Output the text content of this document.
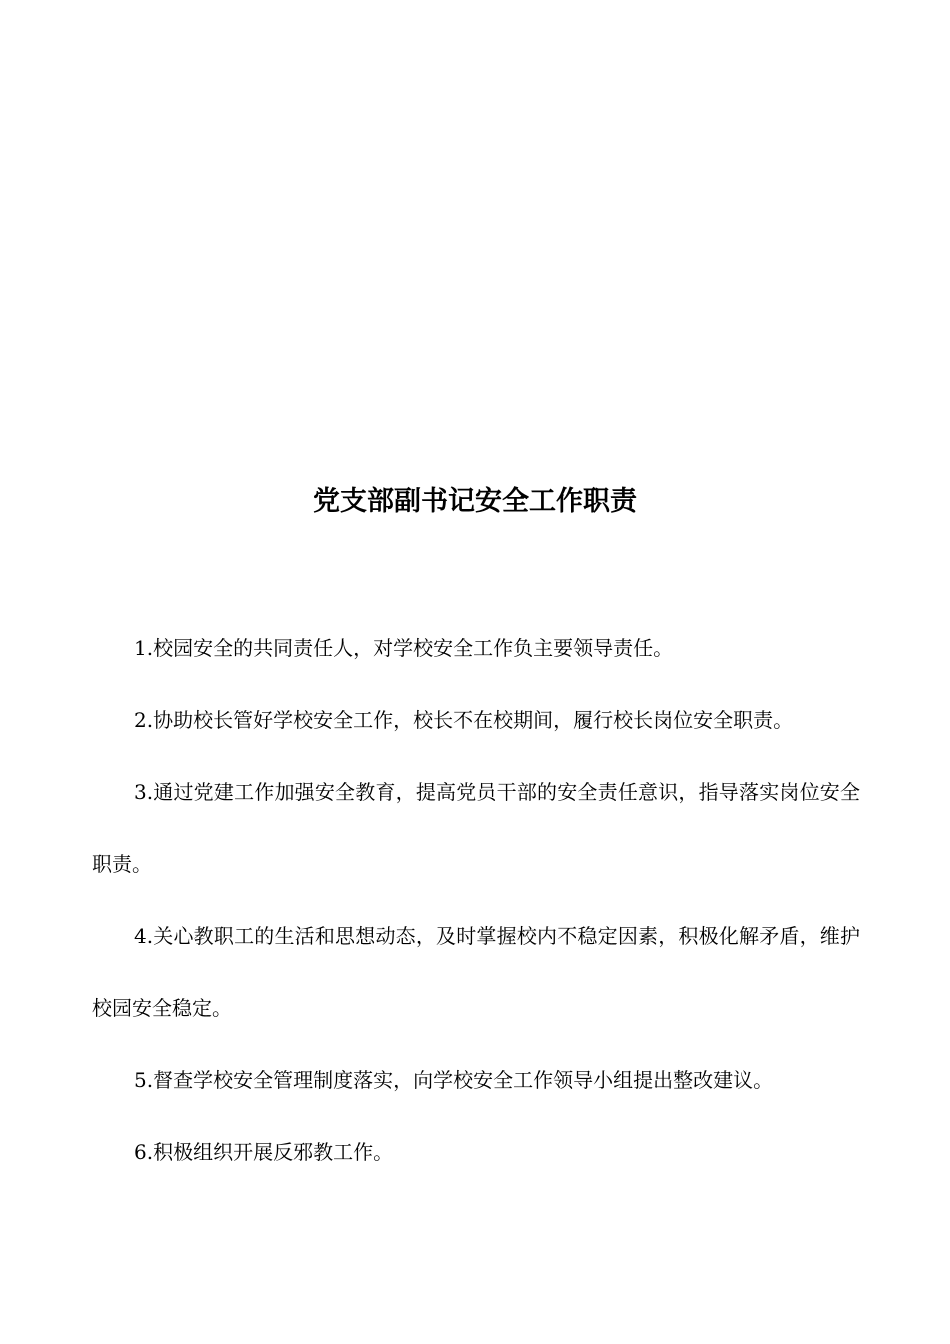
党支部副书记安全工作职责

1.校园安全的共同责任人，对学校安全工作负主要领导责任。

2.协助校长管好学校安全工作，校长不在校期间，履行校长岗位安全职责。

3.通过党建工作加强安全教育，提高党员干部的安全责任意识，指导落实岗位安全职责。

4.关心教职工的生活和思想动态，及时掌握校内不稳定因素，积极化解矛盾，维护校园安全稳定。

5.督查学校安全管理制度落实，向学校安全工作领导小组提出整改建议。

6.积极组织开展反邪教工作。
